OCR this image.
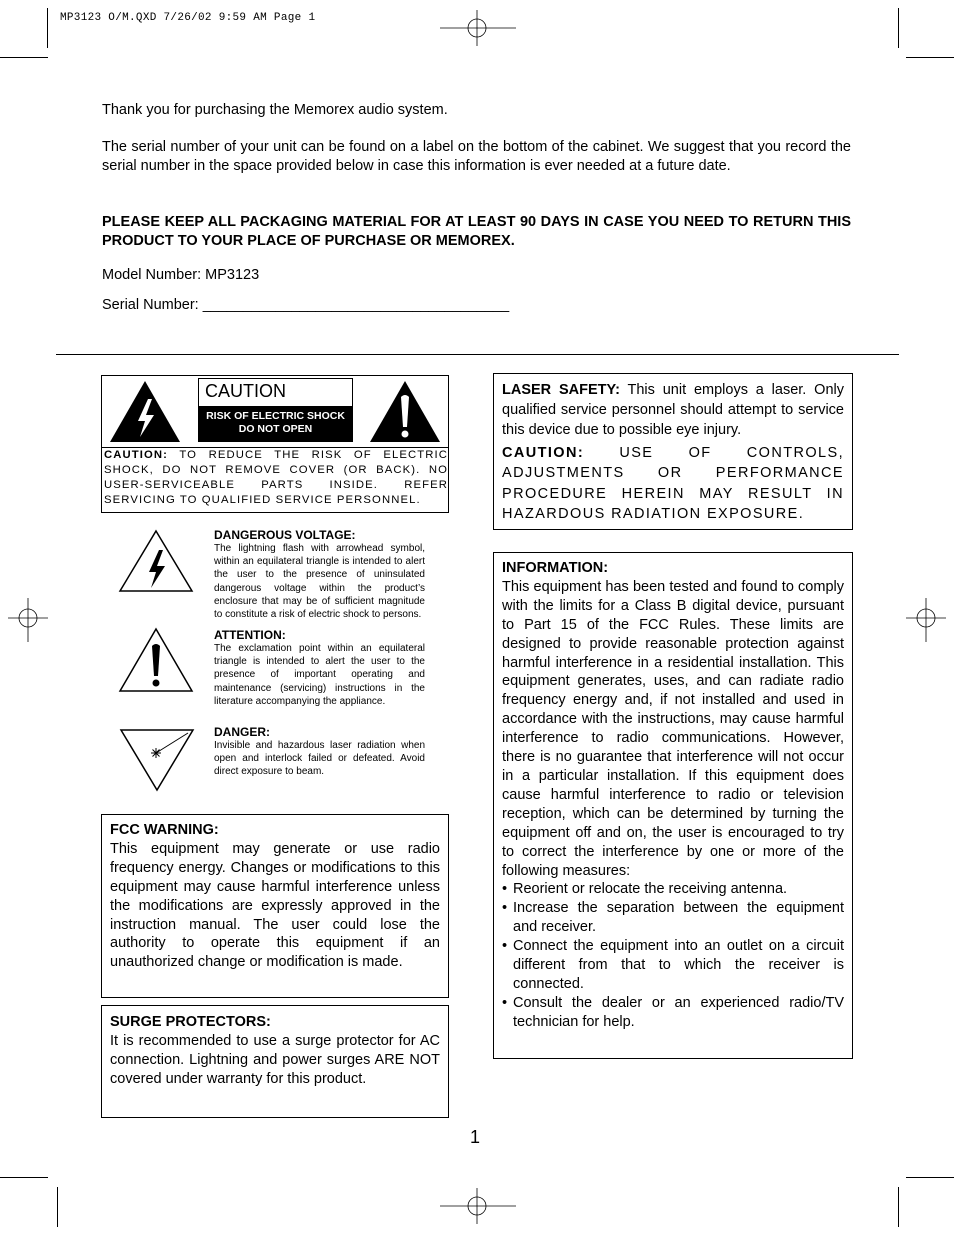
MP3123 O/M.QXD 7/26/02 9:59 AM Page 1
Thank you for purchasing the Memorex audio system.
The serial number of your unit can be found on a label on the bottom of the cabinet. We suggest that you record the serial number in the space provided below in case this information is ever needed at a future date.
PLEASE KEEP ALL PACKAGING MATERIAL FOR AT LEAST 90 DAYS IN CASE YOU NEED TO RETURN THIS PRODUCT TO YOUR PLACE OF PURCHASE OR MEMOREX.
Model Number: MP3123
Serial Number: ______________________________________
CAUTION
RISK OF ELECTRIC SHOCK
DO NOT OPEN
CAUTION: TO REDUCE THE RISK OF ELECTRIC SHOCK, DO NOT REMOVE COVER (OR BACK). NO USER-SERVICEABLE PARTS INSIDE. REFER SERVICING TO QUALIFIED SERVICE PERSONNEL.
DANGEROUS VOLTAGE:
The lightning flash with arrowhead symbol, within an equilateral triangle is intended to alert the user to the presence of uninsulated dangerous voltage within the product’s enclosure that may be of sufficient magnitude to constitute a risk of electric shock to persons.
ATTENTION:
The exclamation point within an equilateral triangle is intended to alert the user to the presence of important operating and maintenance (servicing) instructions in the literature accompanying the appliance.
DANGER:
Invisible and hazardous laser radiation when open and interlock failed or defeated. Avoid direct exposure to beam.
FCC WARNING:
This equipment may generate or use radio frequency energy. Changes or modifications to this equipment may cause harmful interference unless the modifications are expressly approved in the instruction manual. The user could lose the authority to operate this equipment if an unauthorized change or modification is made.
SURGE PROTECTORS:
It is recommended to use a surge protector for AC connection. Lightning and power surges ARE NOT covered under warranty for this product.
LASER SAFETY: This unit employs a laser. Only qualified service personnel should attempt to service this device due to possible eye injury.
CAUTION: USE OF CONTROLS, ADJUSTMENTS OR PERFORMANCE PROCEDURE HEREIN MAY RESULT IN HAZARDOUS RADIATION EXPOSURE.
INFORMATION:
This equipment has been tested and found to comply with the limits for a Class B digital device, pursuant to Part 15 of the FCC Rules. These limits are designed to provide reasonable protection against harmful interference in a residential installation. This equipment generates, uses, and can radiate radio frequency energy and, if not installed and used in accordance with the instructions, may cause harmful interference to radio communications. However, there is no guarantee that interference will not occur in a particular installation. If this equipment does cause harmful interference to radio or television reception, which can be determined by turning the equipment off and on, the user is encouraged to try to correct the interference by one or more of the following measures:
• Reorient or relocate the receiving antenna.
• Increase the separation between the equipment and receiver.
• Connect the equipment into an outlet on a circuit different from that to which the receiver is connected.
• Consult the dealer or an experienced radio/TV technician for help.
1
